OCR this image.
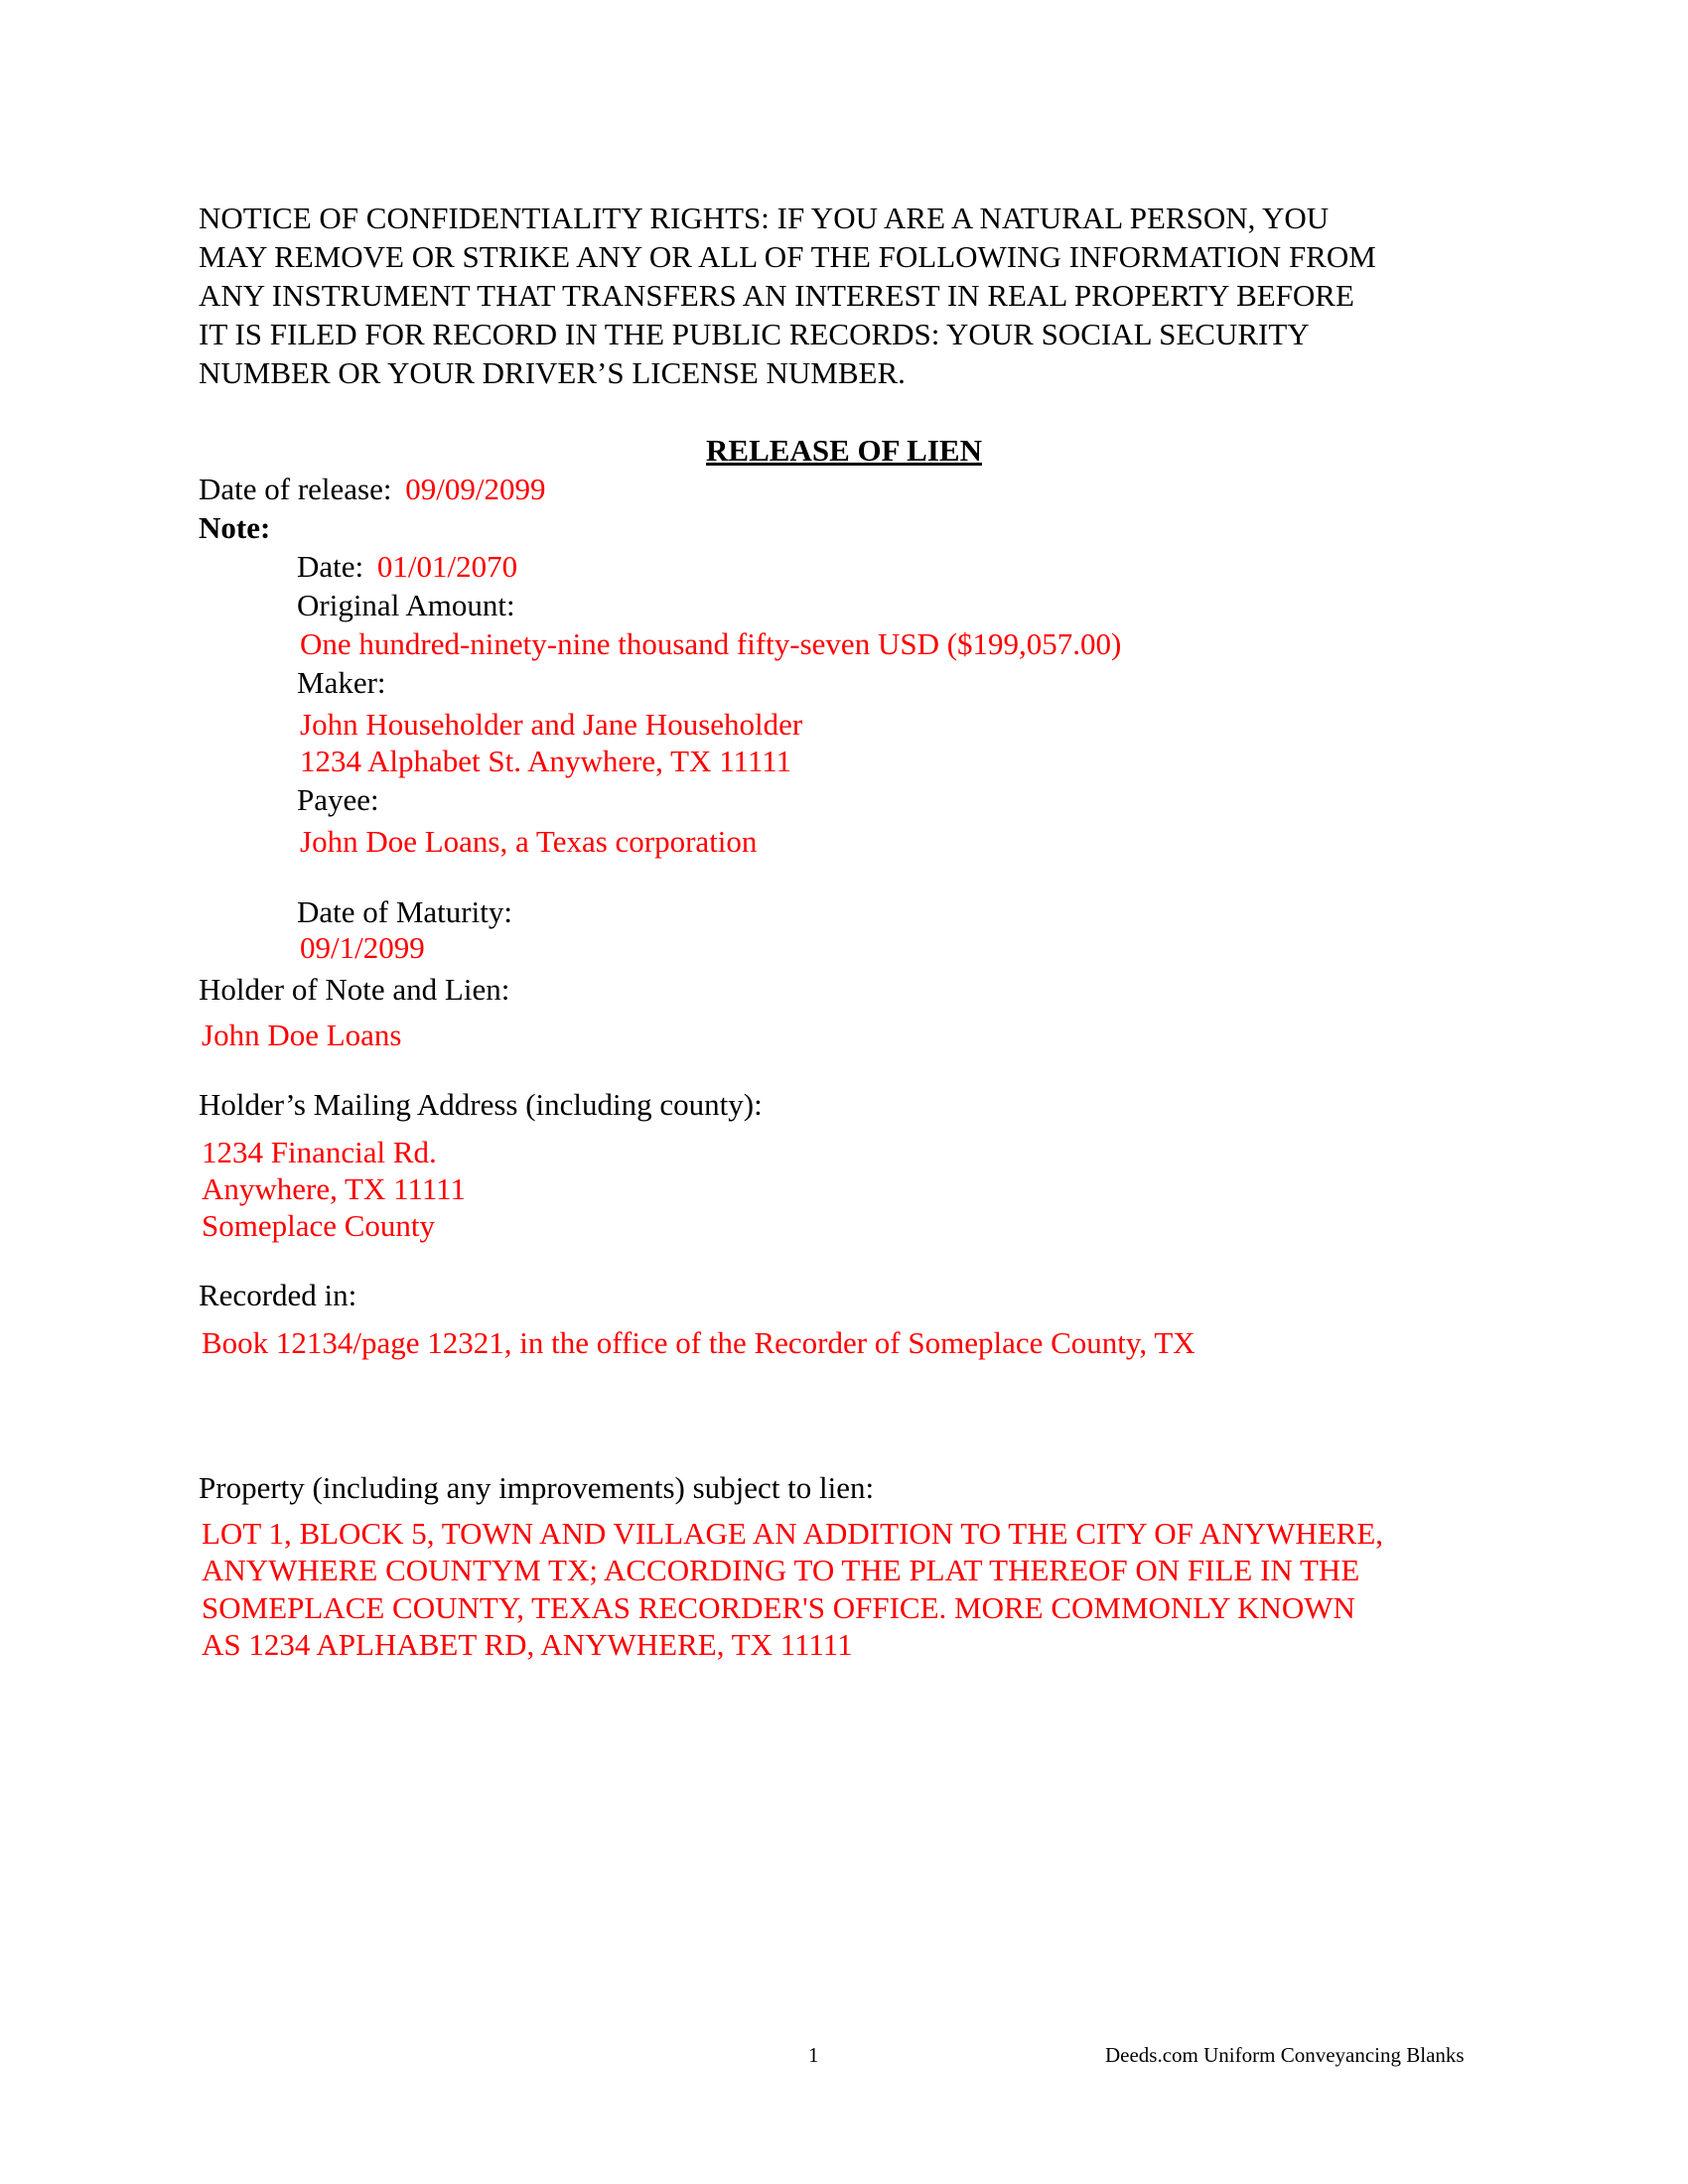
NOTICE OF CONFIDENTIALITY RIGHTS: IF YOU ARE A NATURAL PERSON, YOU
MAY REMOVE OR STRIKE ANY OR ALL OF THE FOLLOWING INFORMATION FROM
ANY INSTRUMENT THAT TRANSFERS AN INTEREST IN REAL PROPERTY BEFORE
IT IS FILED FOR RECORD IN THE PUBLIC RECORDS: YOUR SOCIAL SECURITY
NUMBER OR YOUR DRIVER’S LICENSE NUMBER.
RELEASE OF LIEN
Date of release: 09/09/2099
Note:
Date: 01/01/2070
Original Amount:
One hundred-ninety-nine thousand fifty-seven USD ($199,057.00)
Maker:
John Householder and Jane Householder
1234 Alphabet St. Anywhere, TX 11111
Payee:
John Doe Loans, a Texas corporation
Date of Maturity:
09/1/2099
Holder of Note and Lien:
John Doe Loans
Holder’s Mailing Address (including county):
1234 Financial Rd.
Anywhere, TX 11111
Someplace County
Recorded in:
Book 12134/page 12321, in the office of the Recorder of Someplace County, TX
Property (including any improvements) subject to lien:
LOT 1, BLOCK 5, TOWN AND VILLAGE AN ADDITION TO THE CITY OF ANYWHERE,
ANYWHERE COUNTYM TX; ACCORDING TO THE PLAT THEREOF ON FILE IN THE
SOMEPLACE COUNTY, TEXAS RECORDER'S OFFICE. MORE COMMONLY KNOWN
AS 1234 APLHABET RD, ANYWHERE, TX 11111
1	Deeds.com Uniform Conveyancing Blanks
